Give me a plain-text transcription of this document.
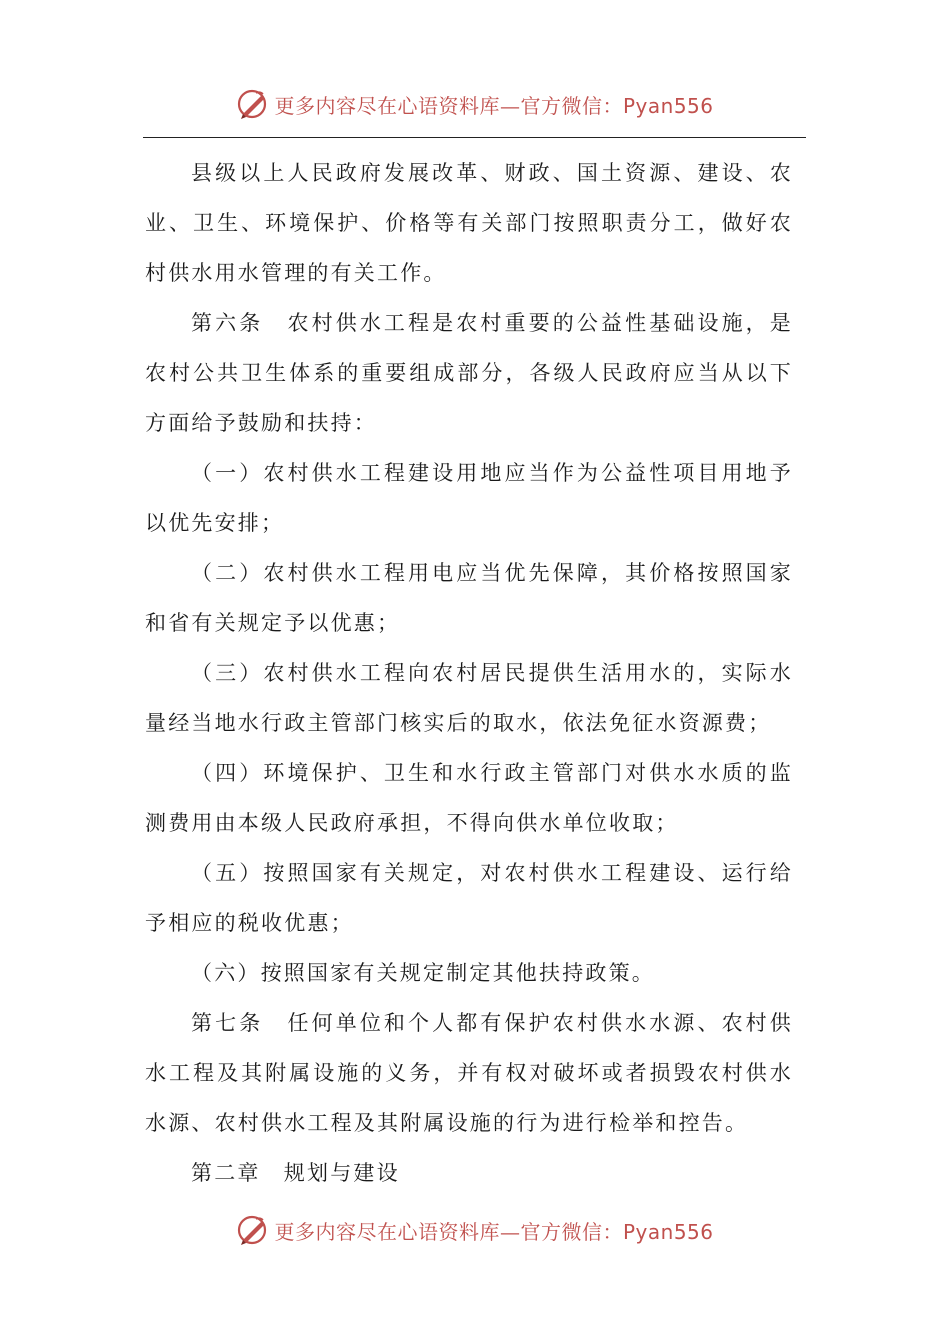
更多内容尽在心语资料库—官方微信：Pyan556

县级以上人民政府发展改革、财政、国土资源、建设、农业、卫生、环境保护、价格等有关部门按照职责分工，做好农村供水用水管理的有关工作。

第六条　农村供水工程是农村重要的公益性基础设施，是农村公共卫生体系的重要组成部分，各级人民政府应当从以下方面给予鼓励和扶持：

（一）农村供水工程建设用地应当作为公益性项目用地予以优先安排；

（二）农村供水工程用电应当优先保障，其价格按照国家和省有关规定予以优惠；

（三）农村供水工程向农村居民提供生活用水的，实际水量经当地水行政主管部门核实后的取水，依法免征水资源费；

（四）环境保护、卫生和水行政主管部门对供水水质的监测费用由本级人民政府承担，不得向供水单位收取；

（五）按照国家有关规定，对农村供水工程建设、运行给予相应的税收优惠；

（六）按照国家有关规定制定其他扶持政策。

第七条　任何单位和个人都有保护农村供水水源、农村供水工程及其附属设施的义务，并有权对破坏或者损毁农村供水水源、农村供水工程及其附属设施的行为进行检举和控告。

第二章　规划与建设

更多内容尽在心语资料库—官方微信：Pyan556
